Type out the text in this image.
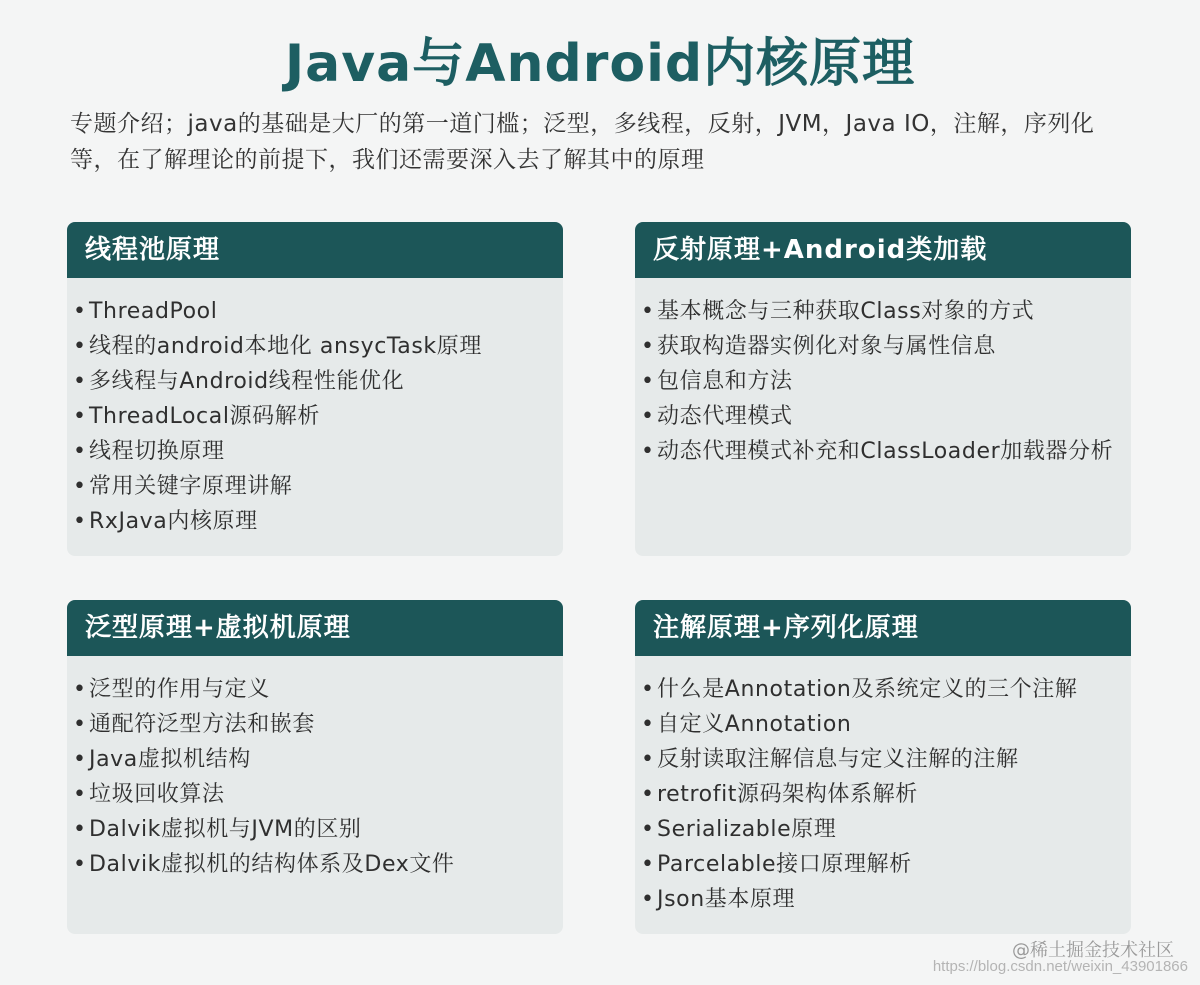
Java与Android内核原理

专题介绍；java的基础是大厂的第一道门槛；泛型，多线程，反射，JVM，Java IO，注解，序列化等，在了解理论的前提下，我们还需要深入去了解其中的原理

线程池原理
• ThreadPool
• 线程的android本地化 ansycTask原理
• 多线程与Android线程性能优化
• ThreadLocal源码解析
• 线程切换原理
• 常用关键字原理讲解
• RxJava内核原理
反射原理+Android类加载
• 基本概念与三种获取Class对象的方式
• 获取构造器实例化对象与属性信息
• 包信息和方法
• 动态代理模式
• 动态代理模式补充和ClassLoader加载器分析
泛型原理+虚拟机原理
• 泛型的作用与定义
• 通配符泛型方法和嵌套
• Java虚拟机结构
• 垃圾回收算法
• Dalvik虚拟机与JVM的区别
• Dalvik虚拟机的结构体系及Dex文件
注解原理+序列化原理
• 什么是Annotation及系统定义的三个注解
• 自定义Annotation
• 反射读取注解信息与定义注解的注解
• retrofit源码架构体系解析
• Serializable原理
• Parcelable接口原理解析
• Json基本原理
@稀土掘金技术社区
https://blog.csdn.net/weixin_43901866
